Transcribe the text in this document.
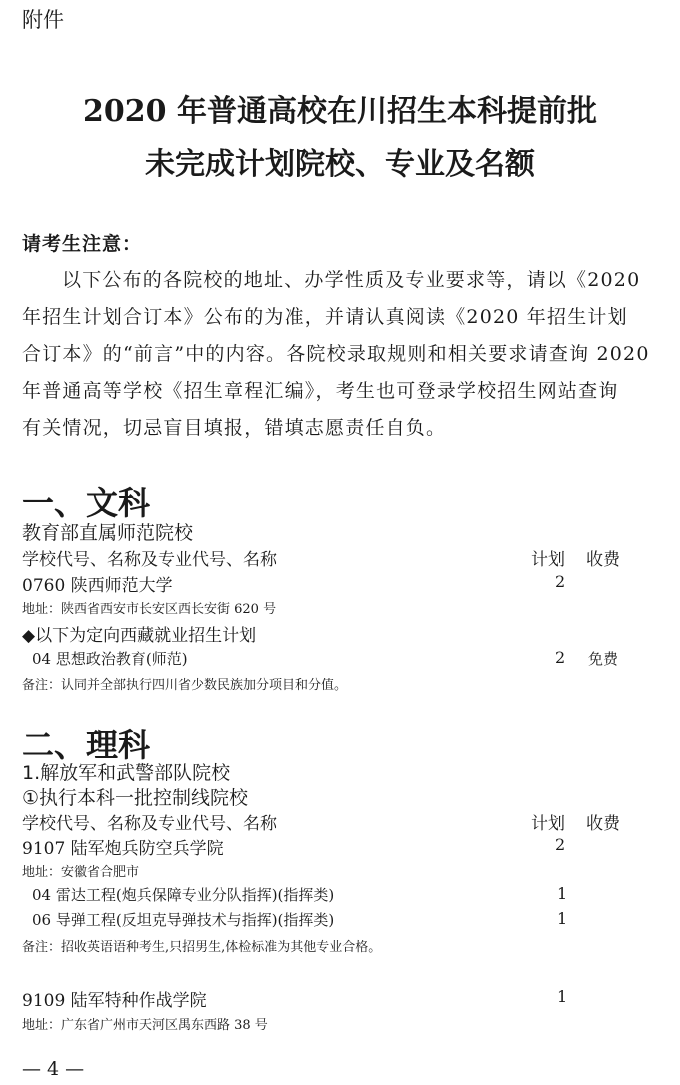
附件
2020 年普通高校在川招生本科提前批
未完成计划院校、专业及名额
请考生注意：
以下公布的各院校的地址、办学性质及专业要求等，请以《2020
年招生计划合订本》公布的为准，并请认真阅读《2020 年招生计划
合订本》的“前言”中的内容。各院校录取规则和相关要求请查询 2020
年普通高等学校《招生章程汇编》，考生也可登录学校招生网站查询
有关情况，切忌盲目填报，错填志愿责任自负。
一、文科
教育部直属师范院校
学校代号、名称及专业代号、名称	计划 收费
0760 陕西师范大学	2
地址：陕西省西安市长安区西长安街 620 号
◆以下为定向西藏就业招生计划
04 思想政治教育(师范)	2 免费
备注：认同并全部执行四川省少数民族加分项目和分值。
二、理科
1.解放军和武警部队院校
①执行本科一批控制线院校
学校代号、名称及专业代号、名称	计划 收费
9107 陆军炮兵防空兵学院	2
地址：安徽省合肥市
04 雷达工程(炮兵保障专业分队指挥)(指挥类)	1
06 导弹工程(反坦克导弹技术与指挥)(指挥类)	1
备注：招收英语语种考生,只招男生,体检标准为其他专业合格。
9109 陆军特种作战学院	1
地址：广东省广州市天河区禺东西路 38 号
— 4 —
